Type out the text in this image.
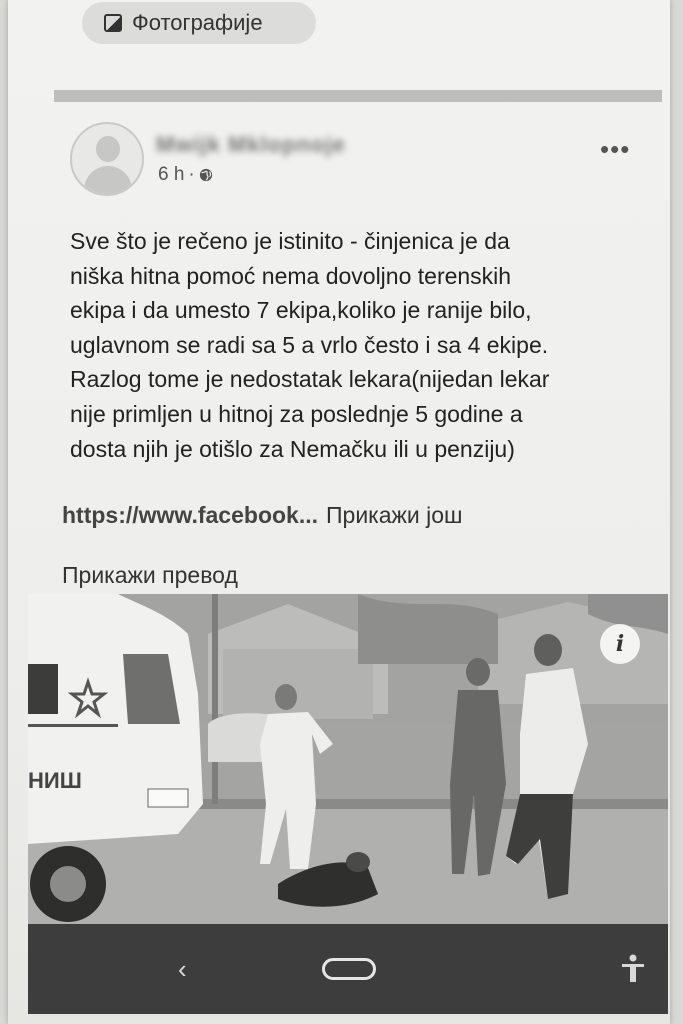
Фотографије
Mwijk Mklopnoje
6 h ·
•••

Sve što je rečeno je istinito - činjenica je da

niška hitna pomoć nema dovoljno terenskih

ekipa i da umesto 7 ekipa,koliko je ranije bilo,

uglavnom se radi sa 5 a vrlo često i sa 4 ekipe.

Razlog tome je nedostatak lekara(nijedan lekar

nije primljen u hitnoj za poslednje 5 godine a

dosta njih je otišlo za Nemačku ili u penziju)

https://www.facebook... Прикажи још
Прикажи превод
НИШ
i
‹
